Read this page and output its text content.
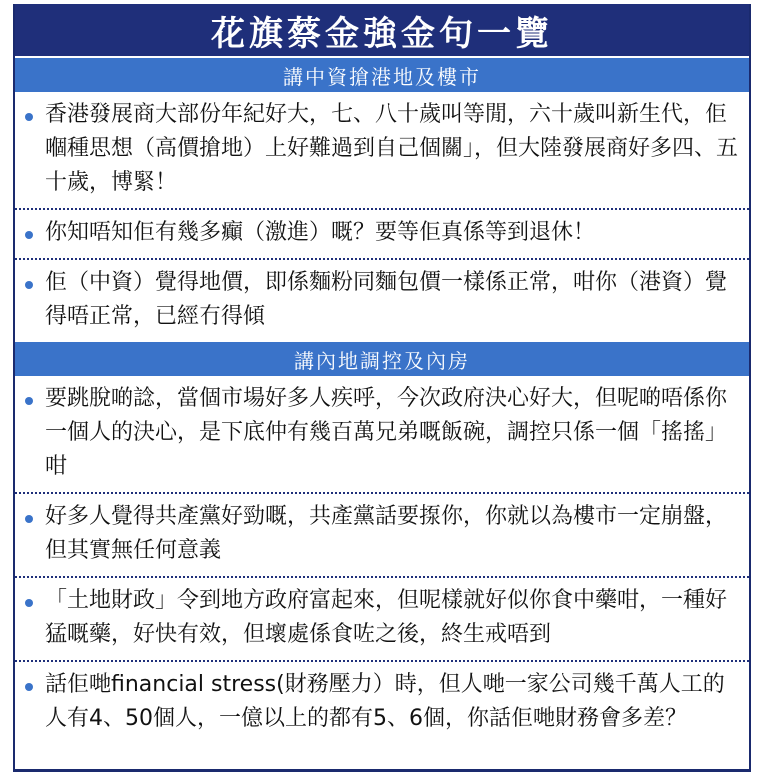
花旗蔡金強金句一覽
講中資搶港地及樓市
香港發展商大部份年紀好大，七、八十歲叫等閒，六十歲叫新生代，佢嗰種思想（高價搶地）上好難過到自己個關」，但大陸發展商好多四、五十歲，博緊！
你知唔知佢有幾多癲（激進）嘅？要等佢真係等到退休！
佢（中資）覺得地價，即係麵粉同麵包價一樣係正常，咁你（港資）覺得唔正常，已經冇得傾
講內地調控及內房
要跳脫啲諗，當個市場好多人疾呼，今次政府決心好大，但呢啲唔係你一個人的決心，是下底仲有幾百萬兄弟嘅飯碗，調控只係一個「搖搖」咁
好多人覺得共產黨好勁嘅，共產黨話要揼你，你就以為樓市一定崩盤，但其實無任何意義
「土地財政」令到地方政府富起來，但呢樣就好似你食中藥咁，一種好猛嘅藥，好快有效，但壞處係食咗之後，終生戒唔到
話佢哋financial stress(財務壓力）時，但人哋一家公司幾千萬人工的人有4、50個人，一億以上的都有5、6個，你話佢哋財務會多差？
